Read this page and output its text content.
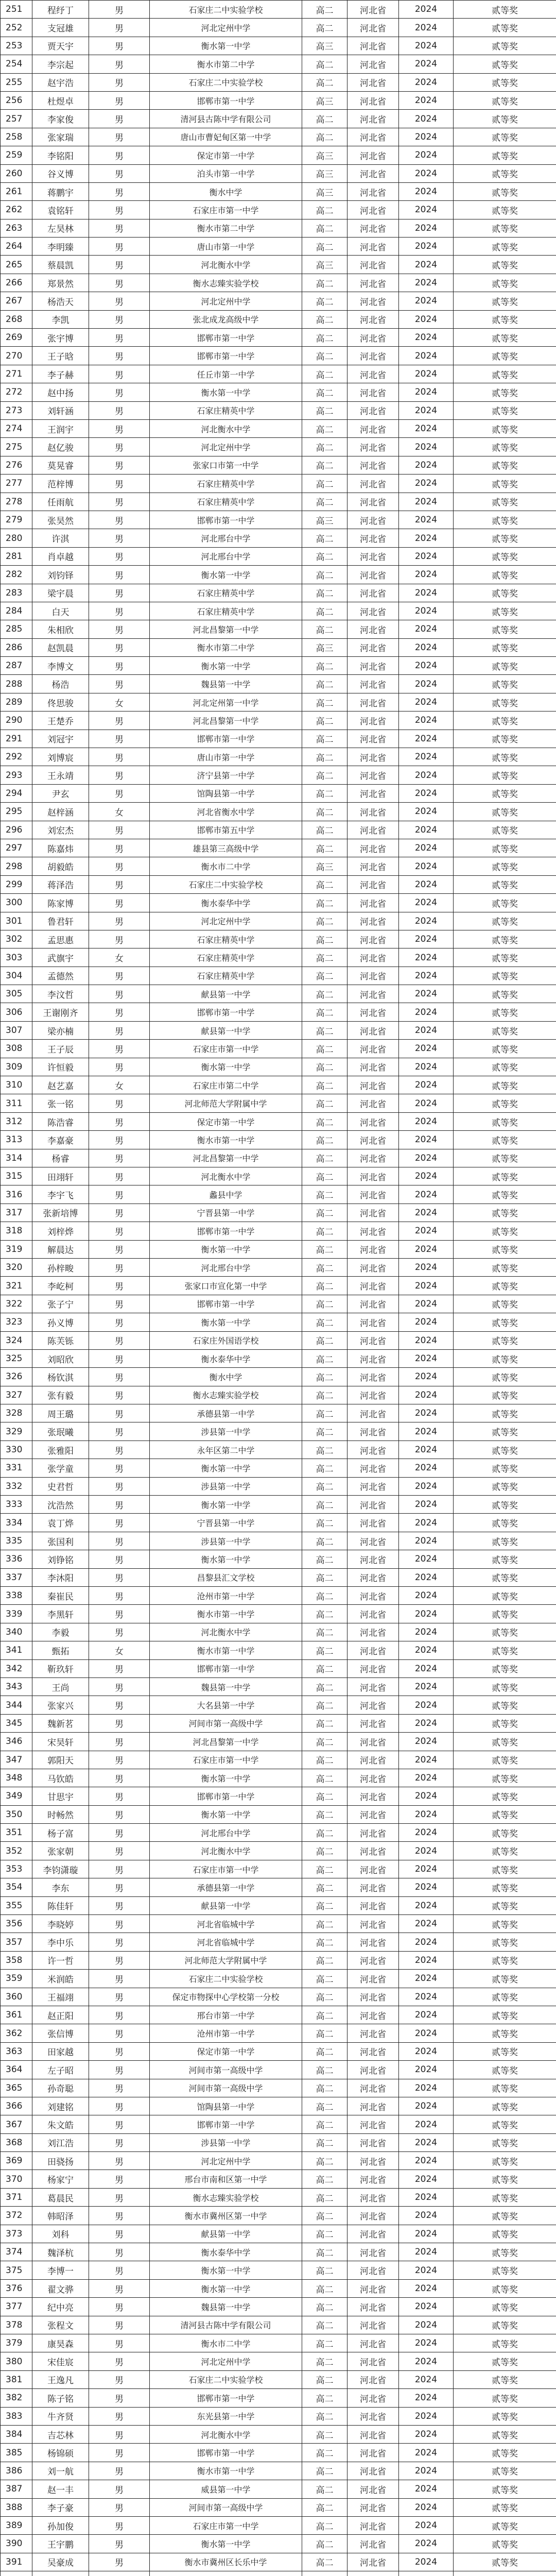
251	程纾丁	男	石家庄二中实验学校	高二	河北省	2024	贰等奖
252	支冠雄	男	河北定州中学	高二	河北省	2024	贰等奖
253	贾天宇	男	衡水第一中学	高三	河北省	2024	贰等奖
254	李宗起	男	衡水市第二中学	高二	河北省	2024	贰等奖
255	赵宇浩	男	石家庄二中实验学校	高二	河北省	2024	贰等奖
256	杜煜卓	男	邯郸市第一中学	高三	河北省	2024	贰等奖
257	李家俊	男	清河县古陈中学有限公司	高二	河北省	2024	贰等奖
258	张家瑞	男	唐山市曹妃甸区第一中学	高二	河北省	2024	贰等奖
259	李铭阳	男	保定市第一中学	高三	河北省	2024	贰等奖
260	谷义博	男	泊头市第一中学	高三	河北省	2024	贰等奖
261	蒋鹏宇	男	衡水中学	高三	河北省	2024	贰等奖
262	袁铭轩	男	石家庄市第一中学	高二	河北省	2024	贰等奖
263	左昊林	男	衡水市第二中学	高二	河北省	2024	贰等奖
264	李明臻	男	唐山市第一中学	高二	河北省	2024	贰等奖
265	蔡晨凯	男	河北衡水中学	高三	河北省	2024	贰等奖
266	郑景然	男	衡水志臻实验学校	高二	河北省	2024	贰等奖
267	杨浩天	男	河北定州中学	高二	河北省	2024	贰等奖
268	李凯	男	张北成龙高级中学	高二	河北省	2024	贰等奖
269	张宇博	男	邯郸市第一中学	高二	河北省	2024	贰等奖
270	王子晗	男	邯郸市第一中学	高二	河北省	2024	贰等奖
271	李子赫	男	任丘市第一中学	高二	河北省	2024	贰等奖
272	赵中扬	男	衡水第一中学	高二	河北省	2024	贰等奖
273	刘轩涵	男	石家庄精英中学	高二	河北省	2024	贰等奖
274	王润宇	男	河北衡水中学	高二	河北省	2024	贰等奖
275	赵亿骏	男	河北定州中学	高二	河北省	2024	贰等奖
276	莫晃睿	男	张家口市第一中学	高二	河北省	2024	贰等奖
277	范梓博	男	石家庄精英中学	高二	河北省	2024	贰等奖
278	任雨航	男	石家庄精英中学	高二	河北省	2024	贰等奖
279	张昊然	男	邯郸市第一中学	高三	河北省	2024	贰等奖
280	许淇	男	河北邢台中学	高二	河北省	2024	贰等奖
281	肖卓越	男	河北邢台中学	高二	河北省	2024	贰等奖
282	刘钧铎	男	衡水第一中学	高二	河北省	2024	贰等奖
283	梁宇晨	男	石家庄精英中学	高二	河北省	2024	贰等奖
284	白天	男	石家庄精英中学	高二	河北省	2024	贰等奖
285	朱相欣	男	河北昌黎第一中学	高二	河北省	2024	贰等奖
286	赵凯晨	男	衡水市第二中学	高三	河北省	2024	贰等奖
287	李博文	男	衡水第一中学	高二	河北省	2024	贰等奖
288	杨浩	男	魏县第一中学	高二	河北省	2024	贰等奖
289	佟思骏	女	河北定州第一中学	高二	河北省	2024	贰等奖
290	王楚乔	男	河北昌黎第一中学	高二	河北省	2024	贰等奖
291	刘冠宇	男	邯郸市第一中学	高二	河北省	2024	贰等奖
292	刘博宸	男	唐山市第一中学	高二	河北省	2024	贰等奖
293	王永靖	男	济宁县第一中学	高二	河北省	2024	贰等奖
294	尹玄	男	馆陶县第一中学	高二	河北省	2024	贰等奖
295	赵梓涵	女	河北省衡水中学	高二	河北省	2024	贰等奖
296	刘宏杰	男	邯郸市第五中学	高二	河北省	2024	贰等奖
297	陈嘉炜	男	雄县第三高级中学	高二	河北省	2024	贰等奖
298	胡毅皓	男	衡水市二中学	高三	河北省	2024	贰等奖
299	蒋泽浩	男	石家庄二中实验学校	高二	河北省	2024	贰等奖
300	陈家博	男	衡水泰华中学	高二	河北省	2024	贰等奖
301	鲁君轩	男	河北定州中学	高二	河北省	2024	贰等奖
302	孟思惠	男	石家庄精英中学	高二	河北省	2024	贰等奖
303	武旗宇	女	石家庄精英中学	高二	河北省	2024	贰等奖
304	孟德然	男	石家庄精英中学	高二	河北省	2024	贰等奖
305	李汶哲	男	献县第一中学	高二	河北省	2024	贰等奖
306	王谢刚齐	男	邯郸市第一中学	高二	河北省	2024	贰等奖
307	梁亦楠	男	献县第一中学	高二	河北省	2024	贰等奖
308	王子辰	男	石家庄市第一中学	高二	河北省	2024	贰等奖
309	许恒毅	男	衡水第一中学	高二	河北省	2024	贰等奖
310	赵艺嘉	女	石家庄市第二中学	高二	河北省	2024	贰等奖
311	张一铭	男	河北师范大学附属中学	高二	河北省	2024	贰等奖
312	陈浩睿	男	保定市第一中学	高二	河北省	2024	贰等奖
313	李嘉豪	男	衡水市第一中学	高二	河北省	2024	贰等奖
314	杨睿	男	河北昌黎第一中学	高二	河北省	2024	贰等奖
315	田翊轩	男	河北衡水中学	高二	河北省	2024	贰等奖
316	李宇飞	男	蠡县中学	高二	河北省	2024	贰等奖
317	张新培博	男	宁晋县第一中学	高二	河北省	2024	贰等奖
318	刘梓烨	男	邯郸市第一中学	高二	河北省	2024	贰等奖
319	解晨达	男	衡水第一中学	高二	河北省	2024	贰等奖
320	孙梓畯	男	河北邢台中学	高二	河北省	2024	贰等奖
321	李屹柯	男	张家口市宣化第一中学	高二	河北省	2024	贰等奖
322	张子宁	男	邯郸市第一中学	高二	河北省	2024	贰等奖
323	孙义博	男	衡水第一中学	高二	河北省	2024	贰等奖
324	陈芙铄	男	石家庄外国语学校	高二	河北省	2024	贰等奖
325	刘昭欣	男	衡水泰华中学	高二	河北省	2024	贰等奖
326	杨钦淇	男	衡水中学	高二	河北省	2024	贰等奖
327	张有毅	男	衡水志臻实验学校	高二	河北省	2024	贰等奖
328	周王璐	男	承德县第一中学	高二	河北省	2024	贰等奖
329	张珉曦	男	涉县第一中学	高二	河北省	2024	贰等奖
330	张雅阳	男	永年区第二中学	高二	河北省	2024	贰等奖
331	张学童	男	衡水第一中学	高二	河北省	2024	贰等奖
332	史君哲	男	涉县第一中学	高二	河北省	2024	贰等奖
333	沈浩然	男	衡水第一中学	高二	河北省	2024	贰等奖
334	袁丁烨	男	宁晋县第一中学	高二	河北省	2024	贰等奖
335	张国利	男	涉县第一中学	高二	河北省	2024	贰等奖
336	刘铮铭	男	衡水第一中学	高二	河北省	2024	贰等奖
337	李沐阳	男	昌黎县汇文学校	高二	河北省	2024	贰等奖
338	秦崔民	男	沧州市第一中学	高二	河北省	2024	贰等奖
339	李黑轩	男	衡水市第一中学	高二	河北省	2024	贰等奖
340	李毅	男	河北衡水中学	高二	河北省	2024	贰等奖
341	甄拓	女	衡水市第一中学	高二	河北省	2024	贰等奖
342	靳玖轩	男	邯郸市第一中学	高二	河北省	2024	贰等奖
343	王尚	男	魏县第一中学	高二	河北省	2024	贰等奖
344	张家兴	男	大名县第一中学	高二	河北省	2024	贰等奖
345	魏新茗	男	河间市第一高级中学	高二	河北省	2024	贰等奖
346	宋昊轩	男	河北昌黎第一中学	高二	河北省	2024	贰等奖
347	郭阳天	男	石家庄市第一中学	高二	河北省	2024	贰等奖
348	马钦皓	男	衡水第一中学	高二	河北省	2024	贰等奖
349	甘思宇	男	邯郸市第一中学	高二	河北省	2024	贰等奖
350	时畅然	男	衡水第一中学	高二	河北省	2024	贰等奖
351	杨子富	男	河北邢台中学	高二	河北省	2024	贰等奖
352	张家朝	男	河北衡水中学	高二	河北省	2024	贰等奖
353	李钧潇璇	男	石家庄市第一中学	高二	河北省	2024	贰等奖
354	李东	男	承德县第一中学	高二	河北省	2024	贰等奖
355	陈佳轩	男	献县第一中学	高二	河北省	2024	贰等奖
356	李晓婷	男	河北省临城中学	高二	河北省	2024	贰等奖
357	李中乐	男	河北省临城中学	高二	河北省	2024	贰等奖
358	许一哲	男	河北师范大学附属中学	高二	河北省	2024	贰等奖
359	米润皓	男	石家庄二中实验学校	高二	河北省	2024	贰等奖
360	王福翊	男	保定市物探中心学校第一分校	高二	河北省	2024	贰等奖
361	赵正阳	男	邢台市第一中学	高二	河北省	2024	贰等奖
362	张信博	男	沧州市第一中学	高二	河北省	2024	贰等奖
363	田家越	男	保定市第一中学	高二	河北省	2024	贰等奖
364	左子昭	男	河间市第一高级中学	高二	河北省	2024	贰等奖
365	孙奇聪	男	河间市第一高级中学	高二	河北省	2024	贰等奖
366	刘建铭	男	馆陶县第一中学	高二	河北省	2024	贰等奖
367	朱文皓	男	邯郸市第一中学	高二	河北省	2024	贰等奖
368	刘江浩	男	涉县第一中学	高二	河北省	2024	贰等奖
369	田骁扬	男	河北定州中学	高二	河北省	2024	贰等奖
370	杨家宁	男	邢台市南和区第一中学	高二	河北省	2024	贰等奖
371	葛晨民	男	衡水志臻实验学校	高二	河北省	2024	贰等奖
372	韩昭泽	男	衡水市冀州区第一中学	高二	河北省	2024	贰等奖
373	刘科	男	献县第一中学	高二	河北省	2024	贰等奖
374	魏泽杭	男	衡水泰华中学	高二	河北省	2024	贰等奖
375	李博一	男	衡水第一中学	高二	河北省	2024	贰等奖
376	翟文骅	男	衡水第一中学	高二	河北省	2024	贰等奖
377	纪中亮	男	魏县第一中学	高二	河北省	2024	贰等奖
378	张程文	男	清河县古陈中学有限公司	高二	河北省	2024	贰等奖
379	康昊森	男	衡水市二中学	高二	河北省	2024	贰等奖
380	宋佳宸	男	河北定州中学	高二	河北省	2024	贰等奖
381	王逸凡	男	石家庄二中实验学校	高二	河北省	2024	贰等奖
382	陈子铭	男	邯郸市第一中学	高二	河北省	2024	贰等奖
383	牛齐贤	男	东光县第一中学	高二	河北省	2024	贰等奖
384	吉芯林	男	河北衡水中学	高二	河北省	2024	贰等奖
385	杨锦硕	男	邯郸市第一中学	高二	河北省	2024	贰等奖
386	刘一航	男	衡水市第一中学	高二	河北省	2024	贰等奖
387	赵一丰	男	威县第一中学	高二	河北省	2024	贰等奖
388	李子豪	男	河间市第一高级中学	高二	河北省	2024	贰等奖
389	孙加俊	男	石家庄市第一中学	高二	河北省	2024	贰等奖
390	王宇鹏	男	衡水第一中学	高二	河北省	2024	贰等奖
391	吴豪成	男	衡水市冀州区长乐中学	高二	河北省	2024	贰等奖
